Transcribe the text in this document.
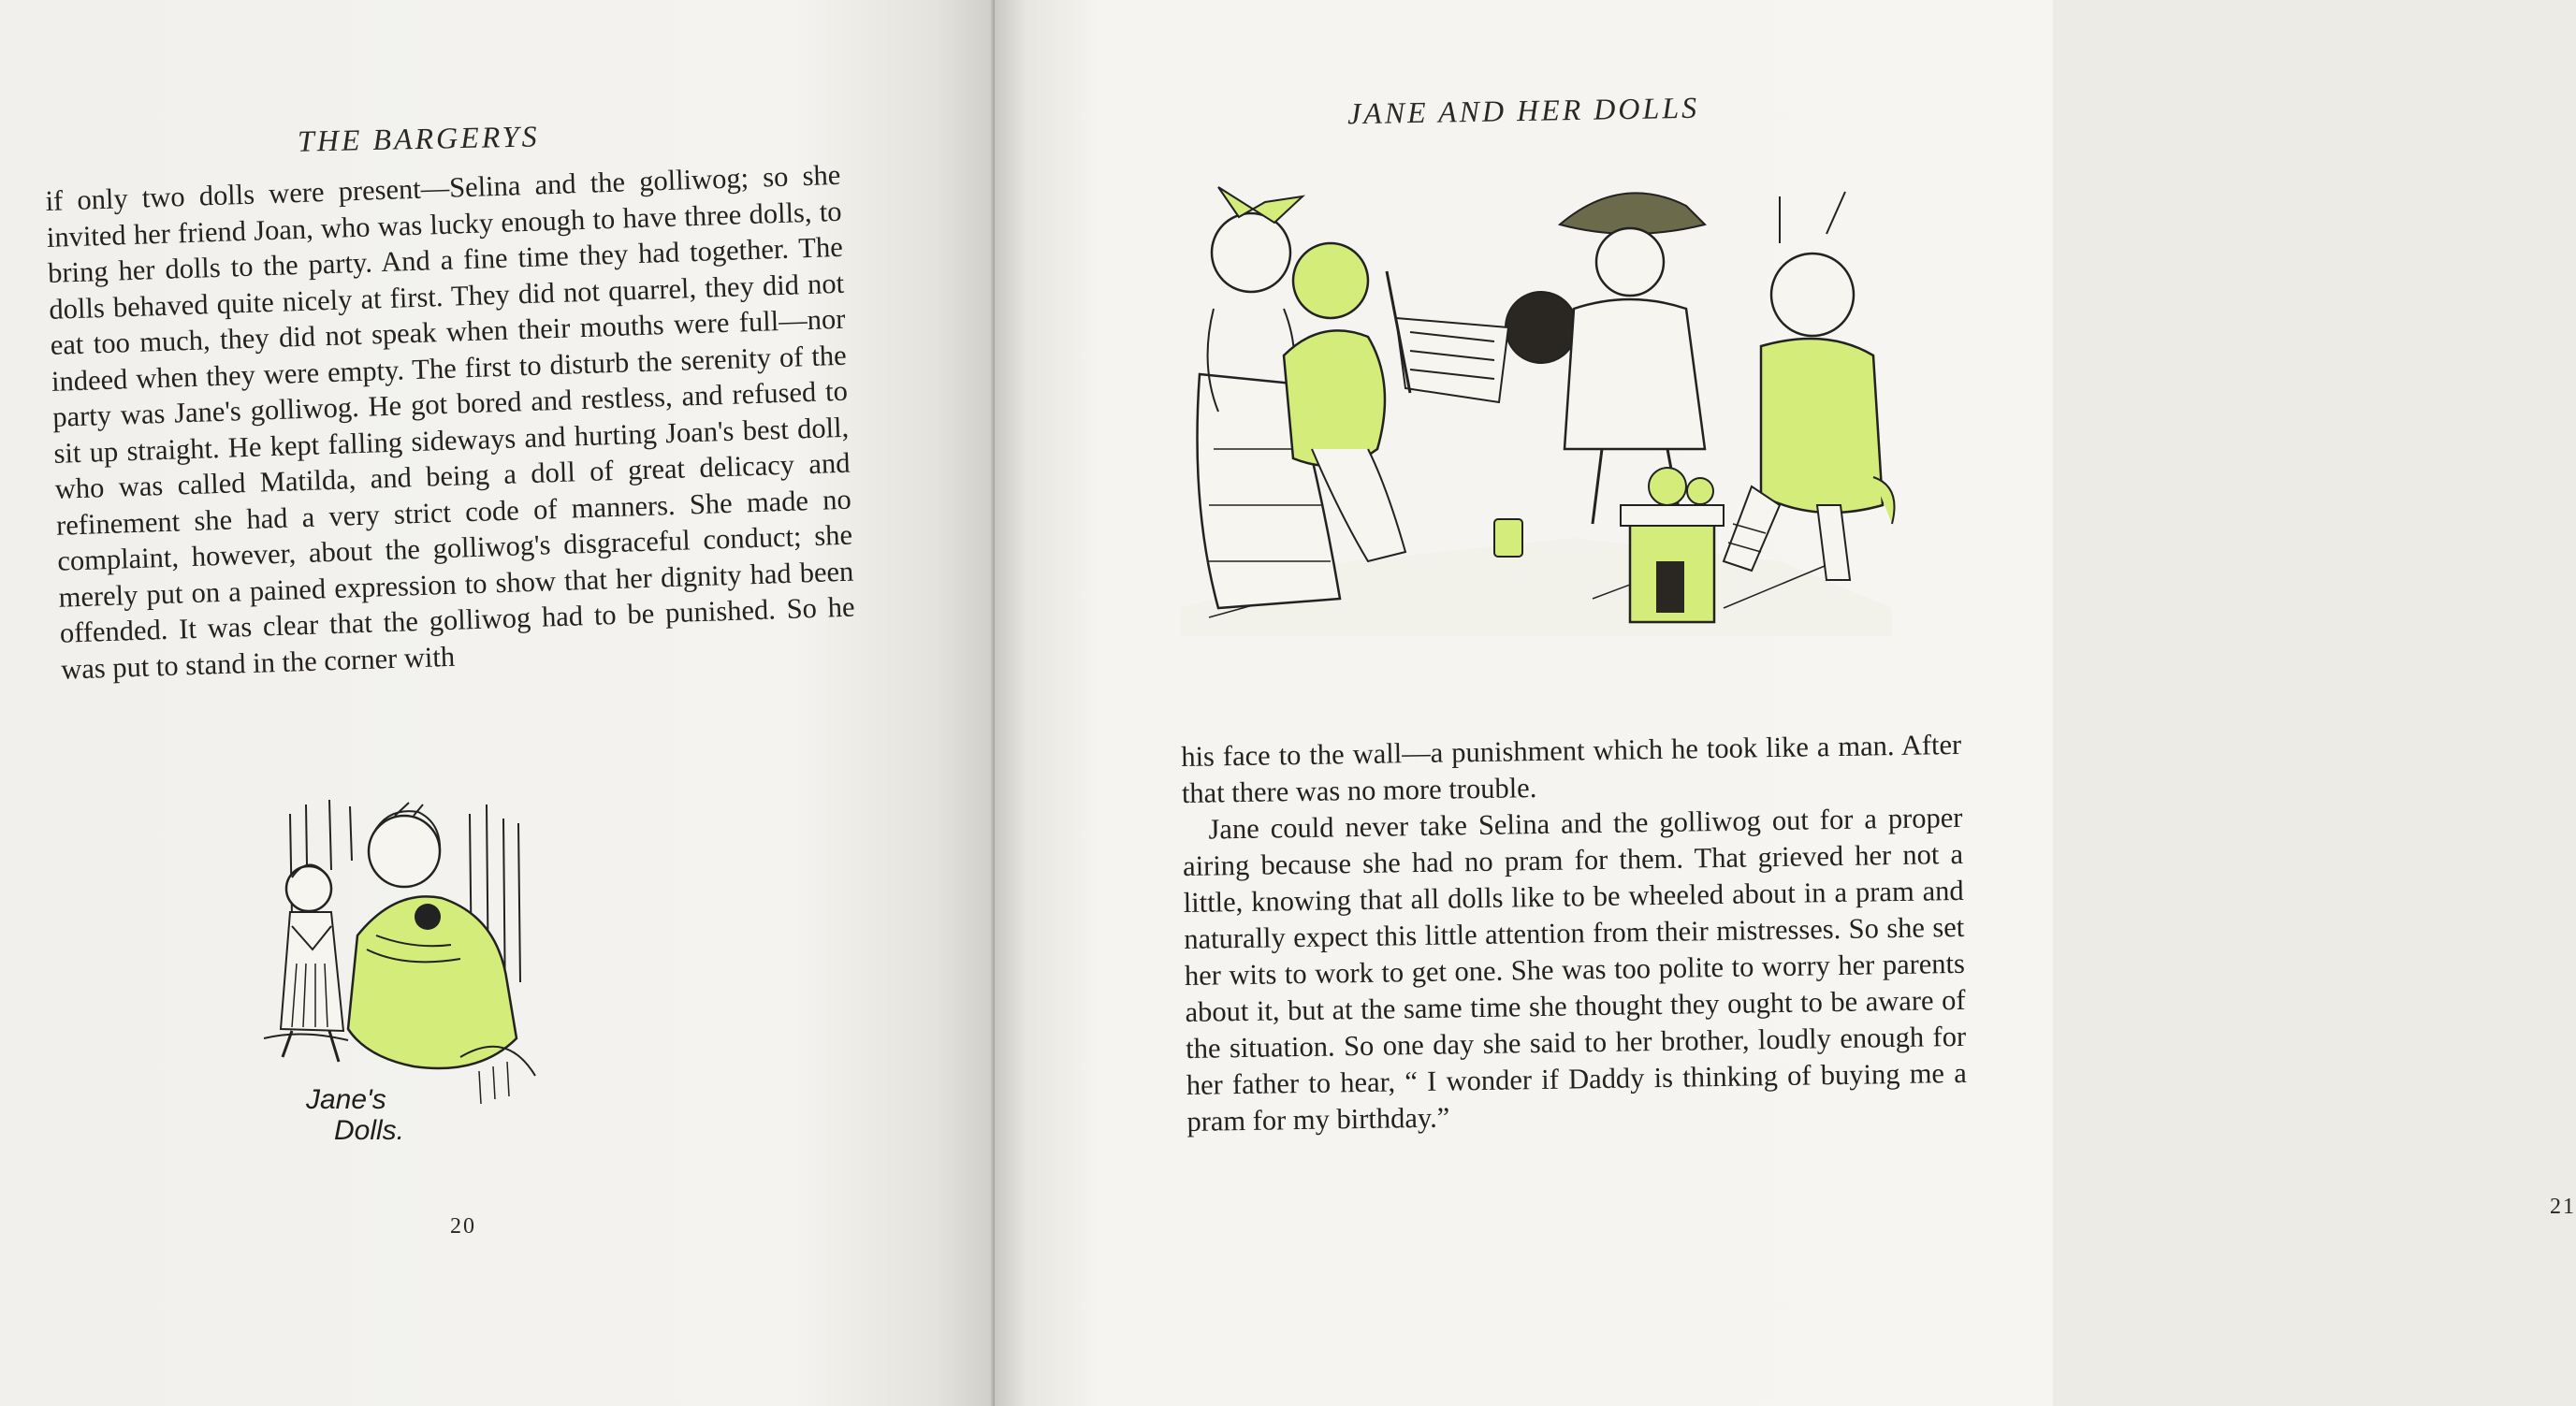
THE BARGERYS

if only two dolls were present—Selina and the golliwog; so she invited her friend Joan, who was lucky enough to have three dolls, to bring her dolls to the party. And a fine time they had together. The dolls behaved quite nicely at first. They did not quarrel, they did not eat too much, they did not speak when their mouths were full—nor indeed when they were empty. The first to disturb the serenity of the party was Jane's golliwog. He got bored and restless, and refused to sit up straight. He kept falling sideways and hurting Joan's best doll, who was called Matilda, and being a doll of great delicacy and refinement she had a very strict code of manners. She made no complaint, however, about the golliwog's disgraceful conduct; she merely put on a pained expression to show that her dignity had been offended. It was clear that the golliwog had to be punished. So he was put to stand in the corner with

Jane's
Dolls.
20
21
JANE AND HER DOLLS

his face to the wall—a punishment which he took like a man. After that there was no more trouble.

Jane could never take Selina and the golliwog out for a proper airing because she had no pram for them. That grieved her not a little, knowing that all dolls like to be wheeled about in a pram and naturally expect this little attention from their mistresses. So she set her wits to work to get one. She was too polite to worry her parents about it, but at the same time she thought they ought to be aware of the situation. So one day she said to her brother, loudly enough for her father to hear, “ I wonder if Daddy is thinking of buying me a pram for my birthday.”
